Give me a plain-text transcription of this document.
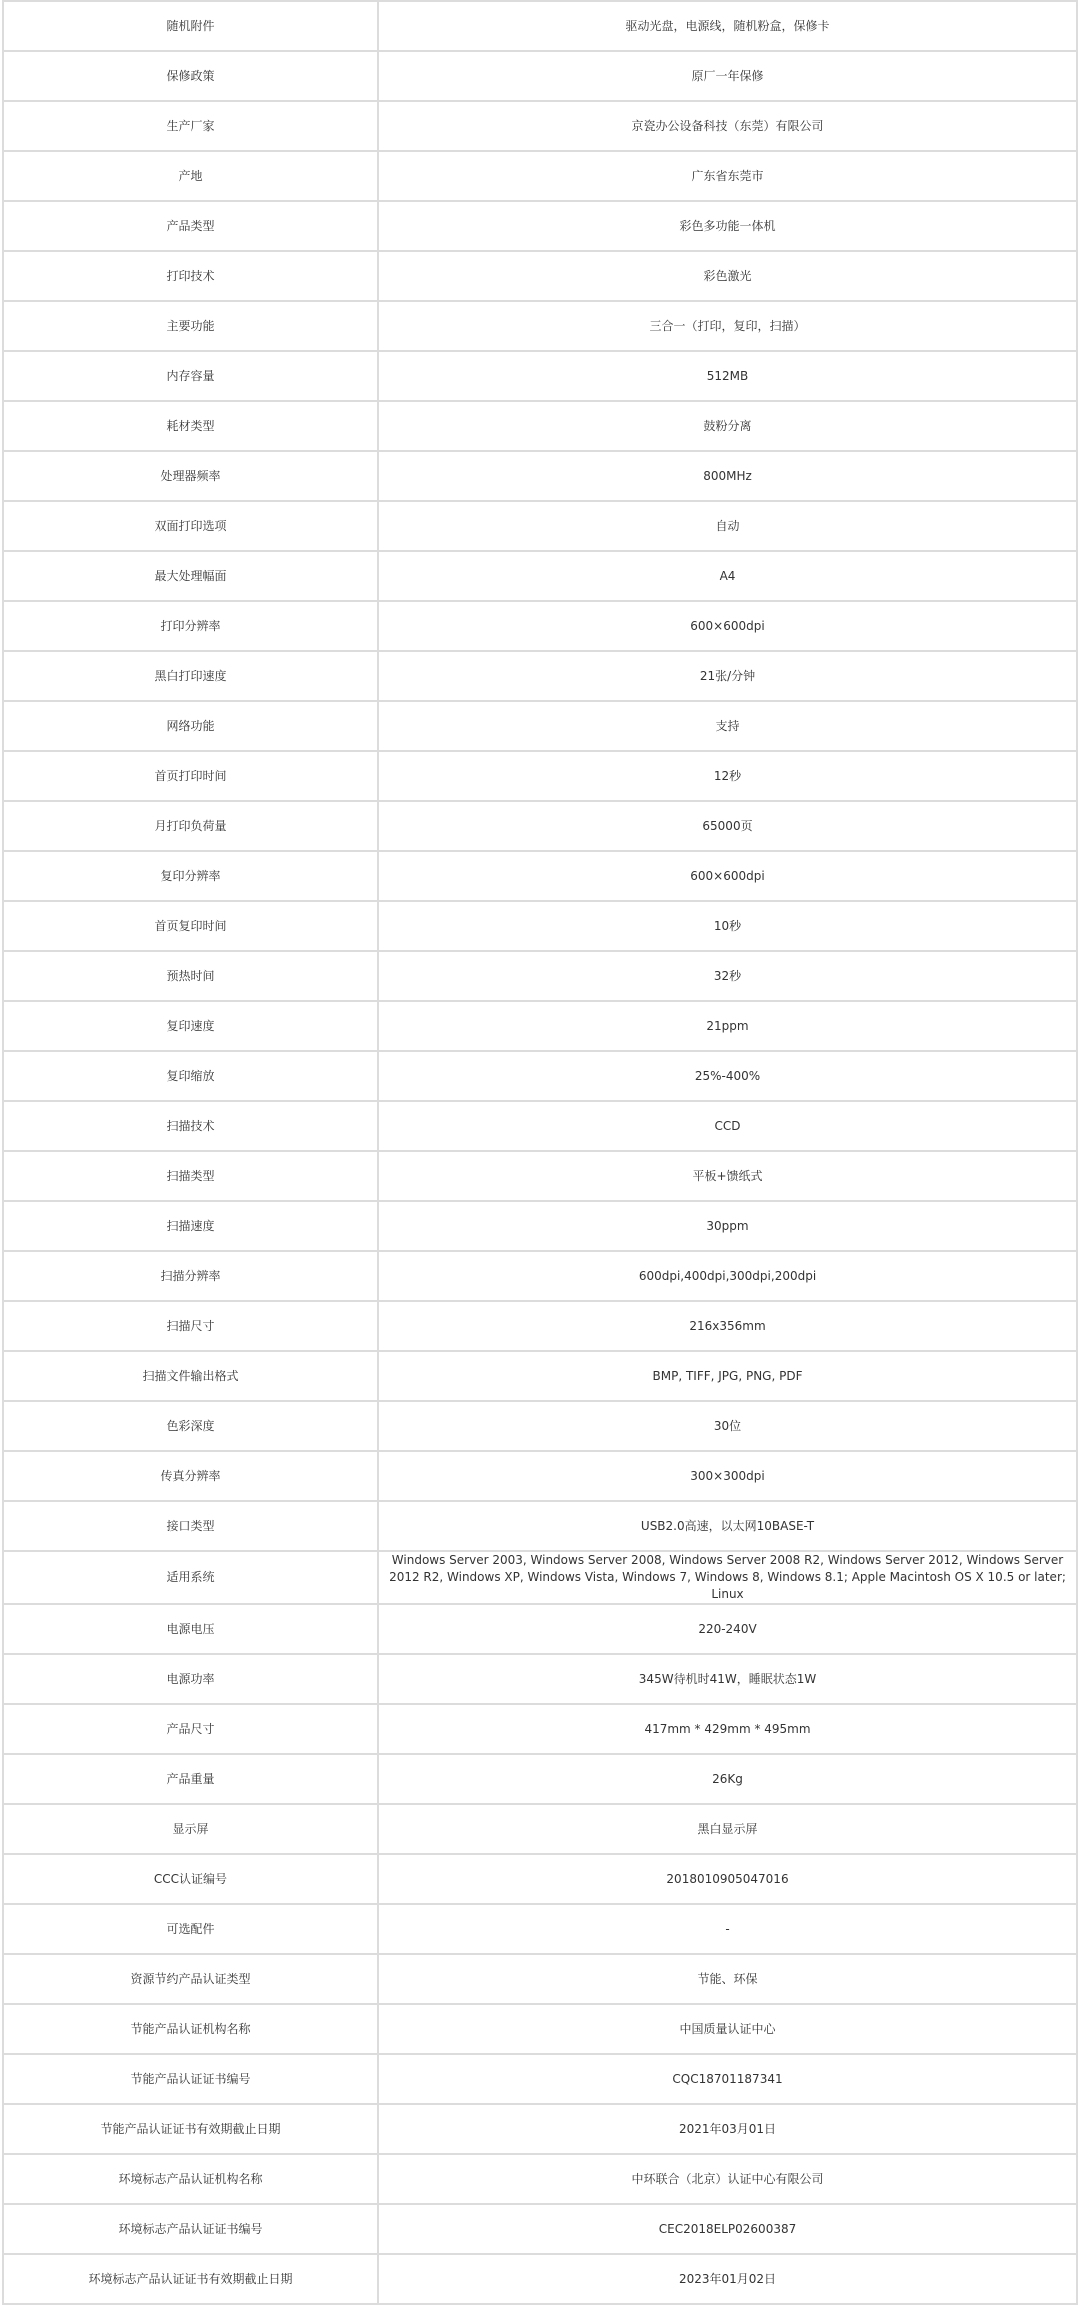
随机附件	驱动光盘，电源线，随机粉盒，保修卡
保修政策	原厂一年保修
生产厂家	京瓷办公设备科技（东莞）有限公司
产地	广东省东莞市
产品类型	彩色多功能一体机
打印技术	彩色激光
主要功能	三合一（打印，复印，扫描）
内存容量	512MB
耗材类型	鼓粉分离
处理器频率	800MHz
双面打印选项	自动
最大处理幅面	A4
打印分辨率	600×600dpi
黑白打印速度	21张/分钟
网络功能	支持
首页打印时间	12秒
月打印负荷量	65000页
复印分辨率	600×600dpi
首页复印时间	10秒
预热时间	32秒
复印速度	21ppm
复印缩放	25%-400%
扫描技术	CCD
扫描类型	平板+馈纸式
扫描速度	30ppm
扫描分辨率	600dpi,400dpi,300dpi,200dpi
扫描尺寸	216x356mm
扫描文件输出格式	BMP, TIFF, JPG, PNG, PDF
色彩深度	30位
传真分辨率	300×300dpi
接口类型	USB2.0高速，以太网10BASE-T
适用系统	Windows Server 2003, Windows Server 2008, Windows Server 2008 R2, Windows Server 2012, Windows Server 2012 R2, Windows XP, Windows Vista, Windows 7, Windows 8, Windows 8.1; Apple Macintosh OS X 10.5 or later; Linux
电源电压	220-240V
电源功率	345W待机时41W，睡眠状态1W
产品尺寸	417mm * 429mm * 495mm
产品重量	26Kg
显示屏	黑白显示屏
CCC认证编号	2018010905047016
可选配件	-
资源节约产品认证类型	节能、环保
节能产品认证机构名称	中国质量认证中心
节能产品认证证书编号	CQC18701187341
节能产品认证证书有效期截止日期	2021年03月01日
环境标志产品认证机构名称	中环联合（北京）认证中心有限公司
环境标志产品认证证书编号	CEC2018ELP02600387
环境标志产品认证证书有效期截止日期	2023年01月02日
